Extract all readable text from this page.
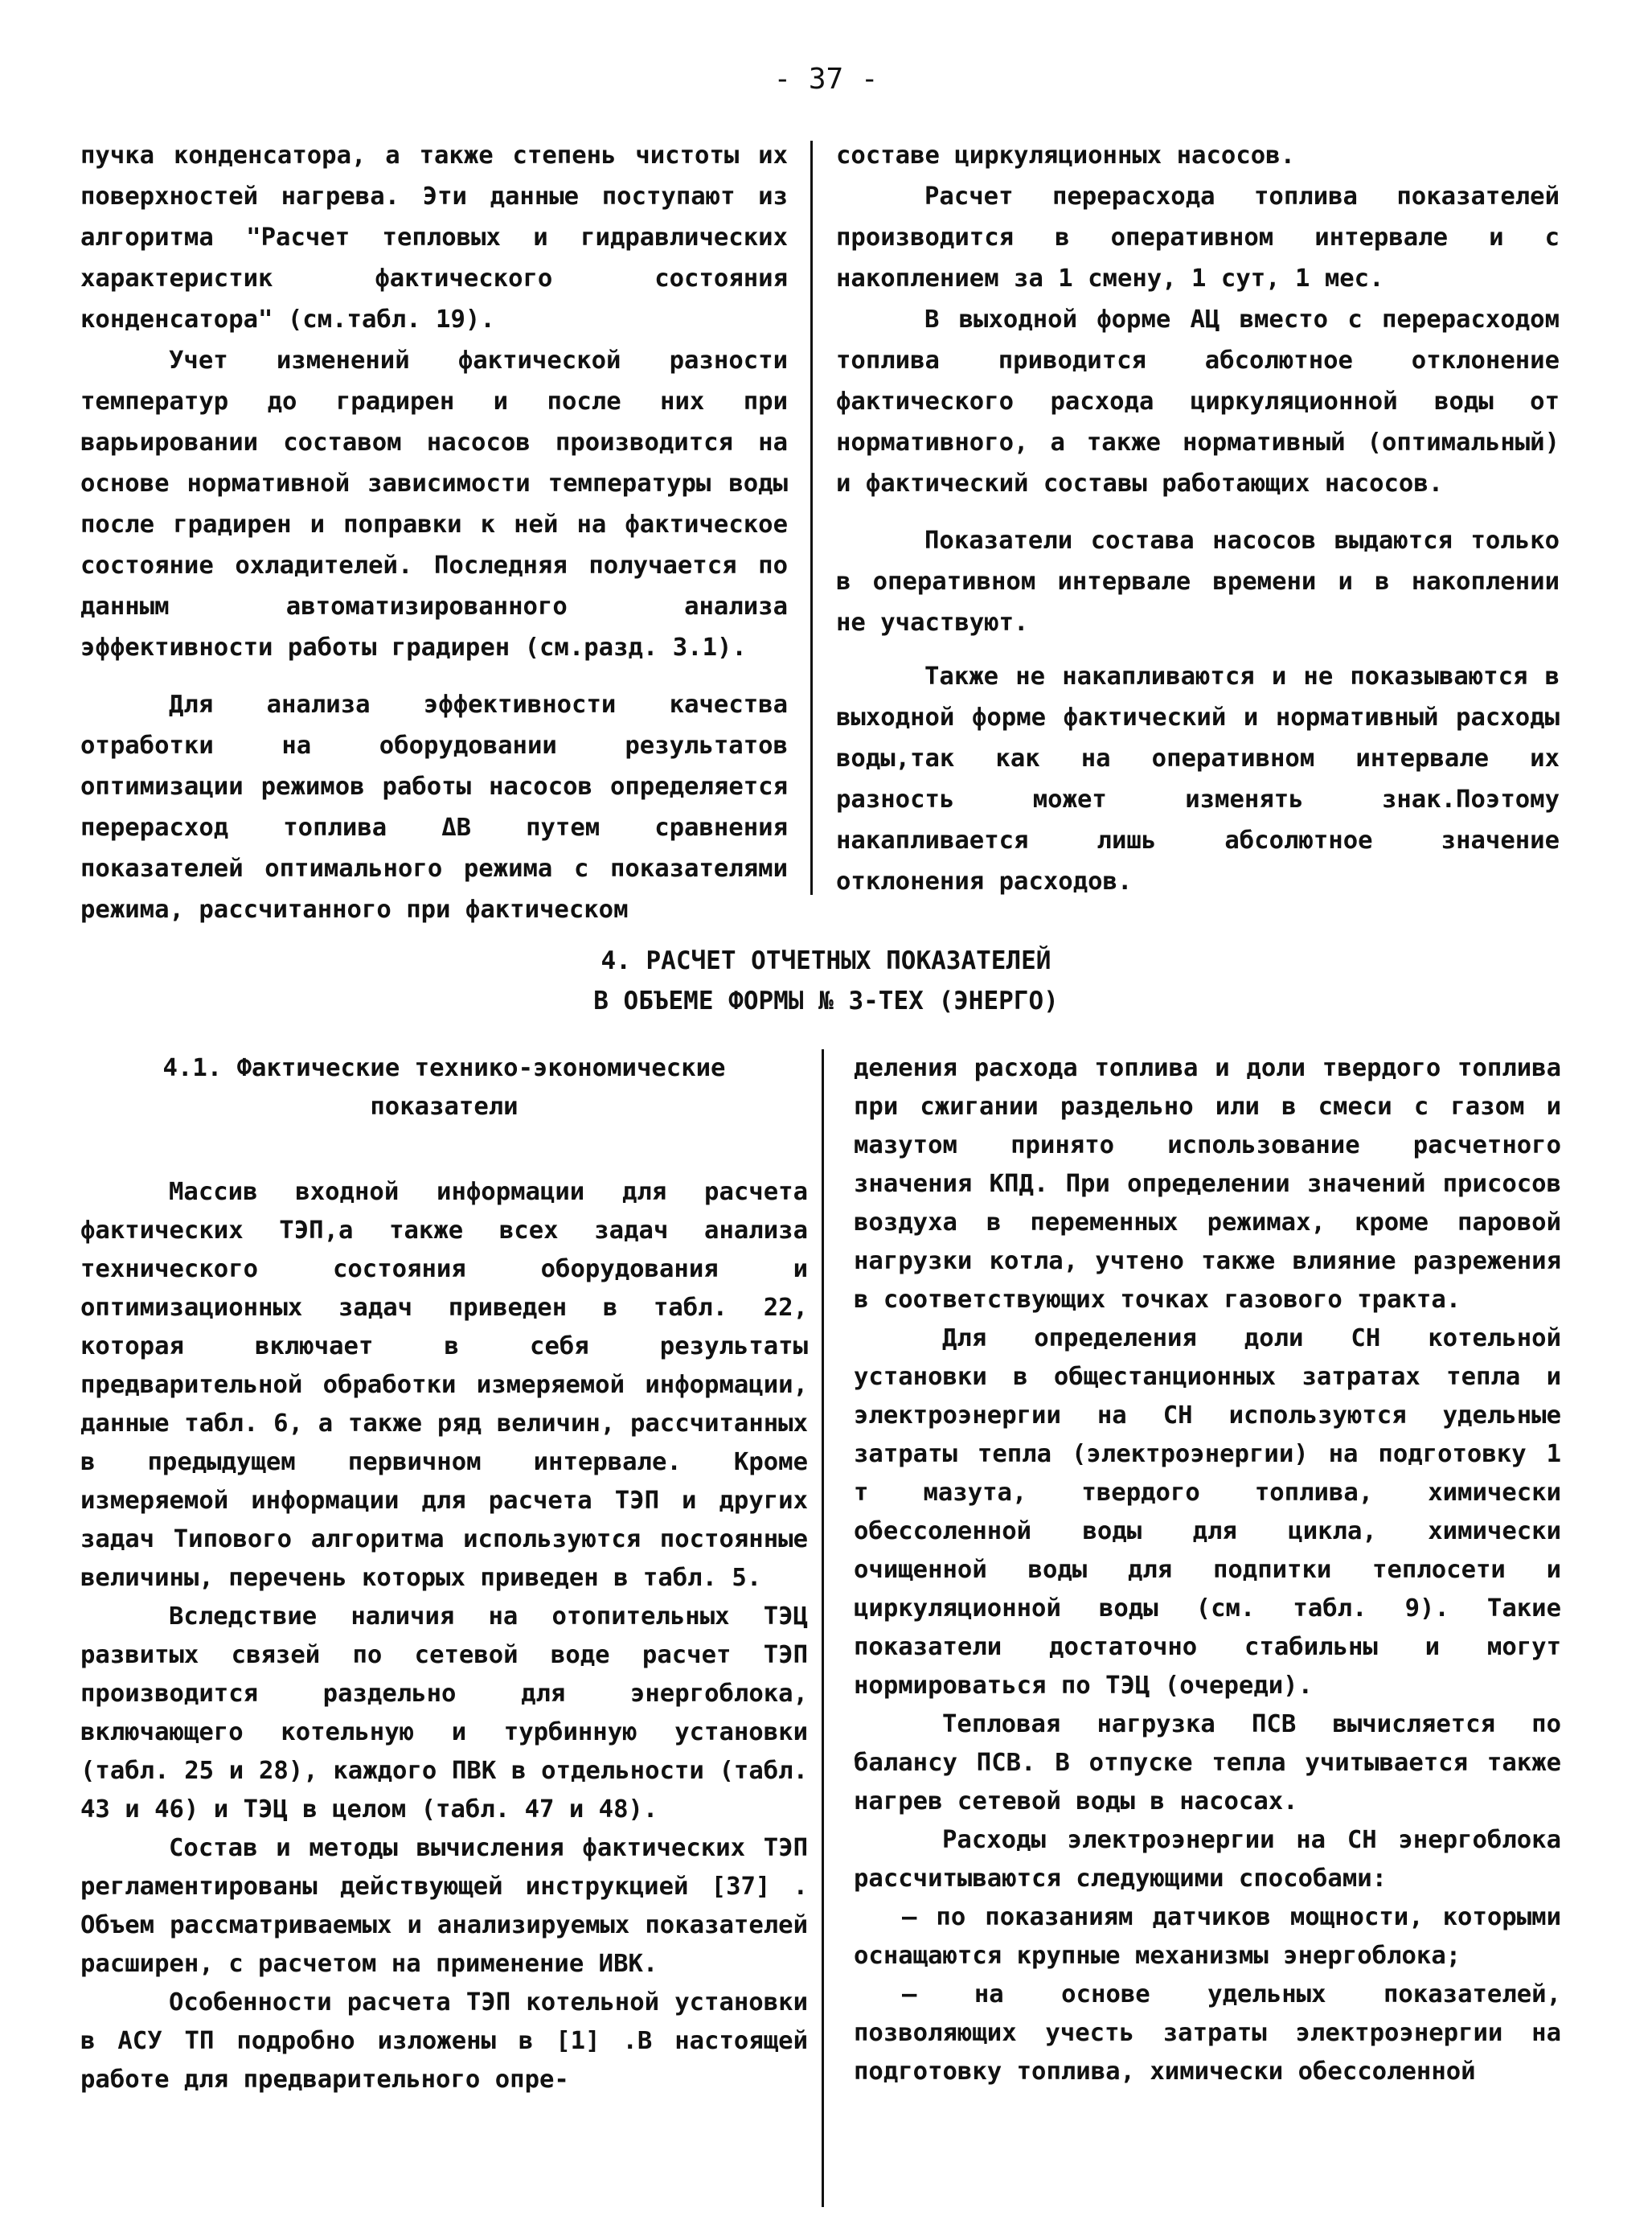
- 37 -

пучка конденсатора, а также степень чистоты их поверхностей нагрева. Эти данные поступают из алгоритма "Расчет тепловых и гидравлических характеристик фактического состояния конденсатора" (см.табл. 19).

Учет изменений фактической разности температур до градирен и после них при варьировании составом насосов производится на основе нормативной зависимости температуры воды после градирен и поправки к ней на фактическое состояние охладителей. Последняя получается по данным автоматизированного анализа эффективности работы градирен (см.разд. 3.1).

Для анализа эффективности качества отработки на оборудовании результатов оптимизации режимов работы насосов определяется перерасход топлива ΔB путем сравнения показателей оптимального режима с показателями режима, рассчитанного при фактическом

составе циркуляционных насосов.

Расчет перерасхода топлива показателей производится в оперативном интервале и с накоплением за 1 смену, 1 сут, 1 мес.

В выходной форме АЦ вместо с перерасходом топлива приводится абсолютное отклонение фактического расхода циркуляционной воды от нормативного, а также нормативный (оптимальный) и фактический составы работающих насосов.

Показатели состава насосов выдаются только в оперативном интервале времени и в накоплении не участвуют.

Также не накапливаются и не показываются в выходной форме фактический и нормативный расходы воды,так как на оперативном интервале их разность может изменять знак.Поэтому накапливается лишь абсолютное значение отклонения расходов.

4. РАСЧЕТ ОТЧЕТНЫХ ПОКАЗАТЕЛЕЙ
В ОБЪЕМЕ ФОРМЫ № 3-ТЕХ (ЭНЕРГО)
4.1. Фактические технико-экономические
показатели

Массив входной информации для расчета фактических ТЭП,а также всех задач анализа технического состояния оборудования и оптимизационных задач приведен в табл. 22, которая включает в себя результаты предварительной обработки измеряемой информации, данные табл. 6, а также ряд величин, рассчитанных в предыдущем первичном интервале. Кроме измеряемой информации для расчета ТЭП и других задач Типового алгоритма используются постоянные величины, перечень которых приведен в табл. 5.

Вследствие наличия на отопительных ТЭЦ развитых связей по сетевой воде расчет ТЭП производится раздельно для энергоблока, включающего котельную и турбинную установки (табл. 25 и 28), каждого ПВК в отдельности (табл. 43 и 46) и ТЭЦ в целом (табл. 47 и 48).

Состав и методы вычисления фактических ТЭП регламентированы действующей инструкцией [37] . Объем рассматриваемых и анализируемых показателей расширен, с расчетом на применение ИВК.

Особенности расчета ТЭП котельной установки в АСУ ТП подробно изложены в [1] .В настоящей работе для предварительного опре-

деления расхода топлива и доли твердого топлива при сжигании раздельно или в смеси с газом и мазутом принято использование расчетного значения КПД. При определении значений присосов воздуха в переменных режимах, кроме паровой нагрузки котла, учтено также влияние разрежения в соответствующих точках газового тракта.

Для определения доли СН котельной установки в общестанционных затратах тепла и электроэнергии на СН используются удельные затраты тепла (электроэнергии) на подготовку 1 т мазута, твердого топлива, химически обессоленной воды для цикла, химически очищенной воды для подпитки теплосети и циркуляционной воды (см. табл. 9). Такие показатели достаточно стабильны и могут нормироваться по ТЭЦ (очереди).

Тепловая нагрузка ПСВ вычисляется по балансу ПСВ. В отпуске тепла учитывается также нагрев сетевой воды в насосах.

Расходы электроэнергии на СН энергоблока рассчитываются следующими способами:

– по показаниям датчиков мощности, которыми оснащаются крупные механизмы энергоблока;

– на основе удельных показателей, позволяющих учесть затраты электроэнергии на подготовку топлива, химически обессоленной
